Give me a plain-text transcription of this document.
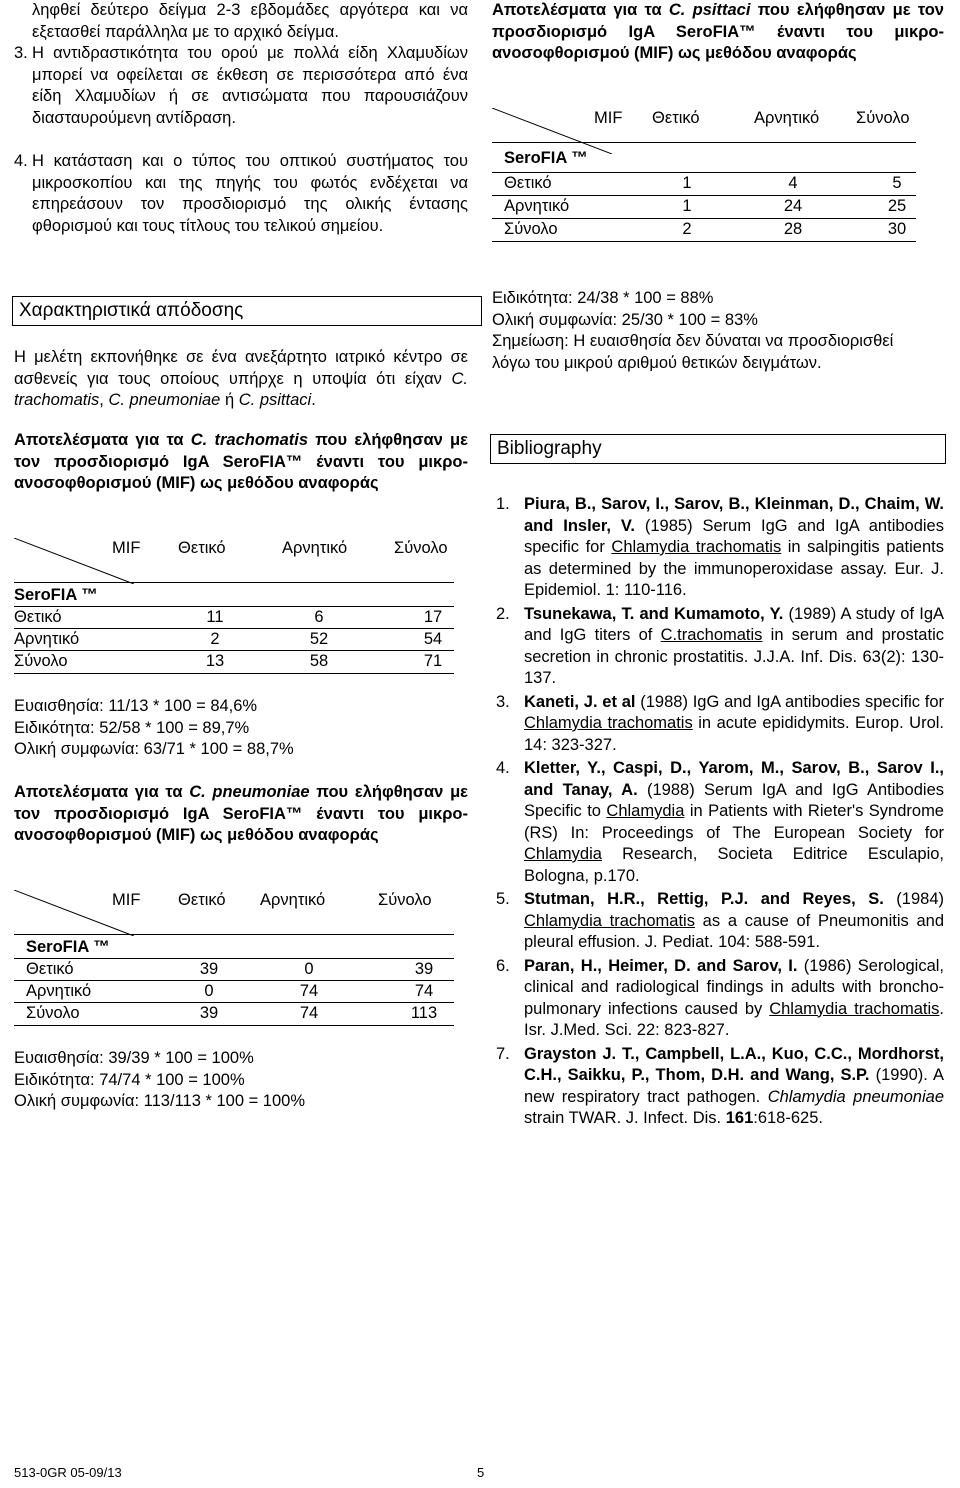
ληφθεί δεύτερο δείγμα 2-3 εβδομάδες αργότερα και να εξετασθεί παράλληλα με το αρχικό δείγμα.
3. Η αντιδραστικότητα του ορού με πολλά είδη Χλαμυδίων μπορεί να οφείλεται σε έκθεση σε περισσότερα από ένα είδη Χλαμυδίων ή σε αντισώματα που παρουσιάζουν διασταυρούμενη αντίδραση.
4. Η κατάσταση και ο τύπος του οπτικού συστήματος του μικροσκοπίου και της πηγής του φωτός ενδέχεται να επηρεάσουν τον προσδιορισμό της ολικής έντασης φθορισμού και τους τίτλους του τελικού σημείου.
Χαρακτηριστικά απόδοσης
Η μελέτη εκπονήθηκε σε ένα ανεξάρτητο ιατρικό κέντρο σε ασθενείς για τους οποίους υπήρχε η υποψία ότι είχαν C. trachomatis, C. pneumoniae ή C. psittaci.
Αποτελέσματα για τα C. trachomatis που ελήφθησαν με τον προσδιορισμό IgA SeroFIA™ έναντι του μικρο-ανοσοφθορισμού (MIF) ως μεθόδου αναφοράς
MIF Θετικό	Αρνητικό	Σύνολο
SeroFIA ™
Θετικό	11	6	17
Αρνητικό	2	52	54
Σύνολο	13	58	71
Ευαισθησία: 11/13 * 100 = 84,6%
Ειδικότητα: 52/58 * 100 = 89,7%
Ολική συμφωνία: 63/71 * 100 = 88,7%
Αποτελέσματα για τα C. pneumoniae που ελήφθησαν με τον προσδιορισμό IgA SeroFIA™ έναντι του μικρο-ανοσοφθορισμού (MIF) ως μεθόδου αναφοράς
MIF Θετικό Αρνητικό	Σύνολο
SeroFIA ™
Θετικό	39	0	39
Αρνητικό	0	74	74
Σύνολο	39	74	113
Ευαισθησία: 39/39 * 100 = 100%
Ειδικότητα: 74/74 * 100 = 100%
Ολική συμφωνία: 113/113 * 100 = 100%
Αποτελέσματα για τα C. psittaci που ελήφθησαν με τον προσδιορισμό IgA SeroFIA™ έναντι του μικρο-ανοσοφθορισμού (MIF) ως μεθόδου αναφοράς
MIF Θετικό	Αρνητικό Σύνολο
SeroFIA ™
Θετικό	1	4	5
Αρνητικό	1	24	25
Σύνολο	2	28	30
Ειδικότητα: 24/38 * 100 = 88%
Ολική συμφωνία: 25/30 * 100 = 83%
Σημείωση: Η ευαισθησία δεν δύναται να προσδιορισθεί λόγω του μικρού αριθμού θετικών δειγμάτων.
Bibliography
1. Piura, B., Sarov, I., Sarov, B., Kleinman, D., Chaim, W. and Insler, V. (1985) Serum IgG and IgA antibodies specific for Chlamydia trachomatis in salpingitis patients as determined by the immunoperoxidase assay. Eur. J. Epidemiol. 1: 110-116.
2. Tsunekawa, T. and Kumamoto, Y. (1989) A study of IgA and IgG titers of C.trachomatis in serum and prostatic secretion in chronic prostatitis. J.J.A. Inf. Dis. 63(2): 130-137.
3. Kaneti, J. et al (1988) IgG and IgA antibodies specific for Chlamydia trachomatis in acute epididymits. Europ. Urol. 14: 323-327.
4. Kletter, Y., Caspi, D., Yarom, M., Sarov, B., Sarov I., and Tanay, A. (1988) Serum IgA and IgG Antibodies Specific to Chlamydia in Patients with Rieter's Syndrome (RS) In: Proceedings of The European Society for Chlamydia Research, Societa Editrice Esculapio, Bologna, p.170.
5. Stutman, H.R., Rettig, P.J. and Reyes, S. (1984) Chlamydia trachomatis as a cause of Pneumonitis and pleural effusion. J. Pediat. 104: 588-591.
6. Paran, H., Heimer, D. and Sarov, I. (1986) Serological, clinical and radiological findings in adults with broncho- pulmonary infections caused by Chlamydia trachomatis. Isr. J.Med. Sci. 22: 823-827.
7. Grayston J. T., Campbell, L.A., Kuo, C.C., Mordhorst, C.H., Saikku, P., Thom, D.H. and Wang, S.P. (1990). A new respiratory tract pathogen. Chlamydia pneumoniae strain TWAR. J. Infect. Dis. 161:618-625.
513-0GR 05-09/13	5
